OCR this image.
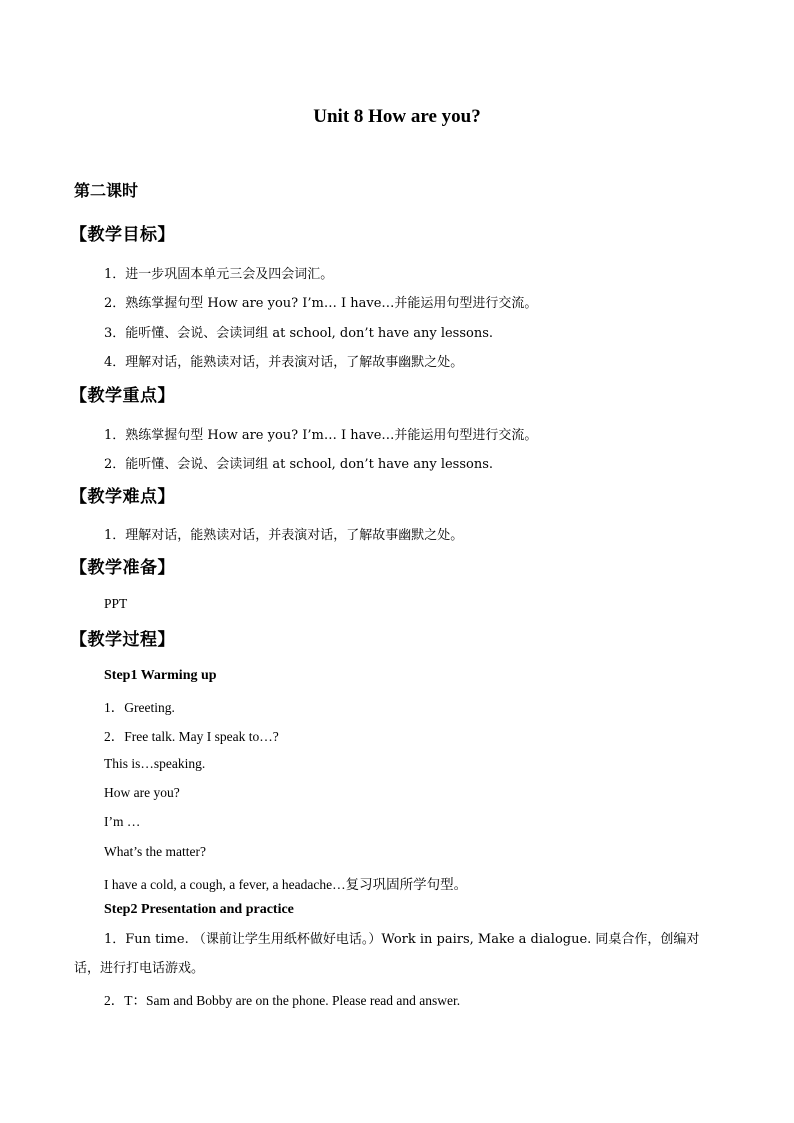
Unit 8 How are you?
第二课时
【教学目标】
1．进一步巩固本单元三会及四会词汇。
2．熟练掌握句型 How are you? I’m… I have…并能运用句型进行交流。
3．能听懂、会说、会读词组 at school, don’t have any lessons.
4．理解对话，能熟读对话，并表演对话，了解故事幽默之处。
【教学重点】
1．熟练掌握句型 How are you? I’m… I have…并能运用句型进行交流。
2．能听懂、会说、会读词组 at school, don’t have any lessons.
【教学难点】
1．理解对话，能熟读对话，并表演对话，了解故事幽默之处。
【教学准备】
PPT
【教学过程】
Step1 Warming up
1．Greeting.
2．Free talk. May I speak to…?
This is…speaking.
How are you?
I’m …
What’s the matter?
I have a cold, a cough, a fever, a headache…复习巩固所学句型。
Step2 Presentation and practice
1．Fun time. （课前让学生用纸杯做好电话。）Work in pairs, Make a dialogue. 同桌合作，创编对话，进行打电话游戏。
2．T：Sam and Bobby are on the phone. Please read and answer.
